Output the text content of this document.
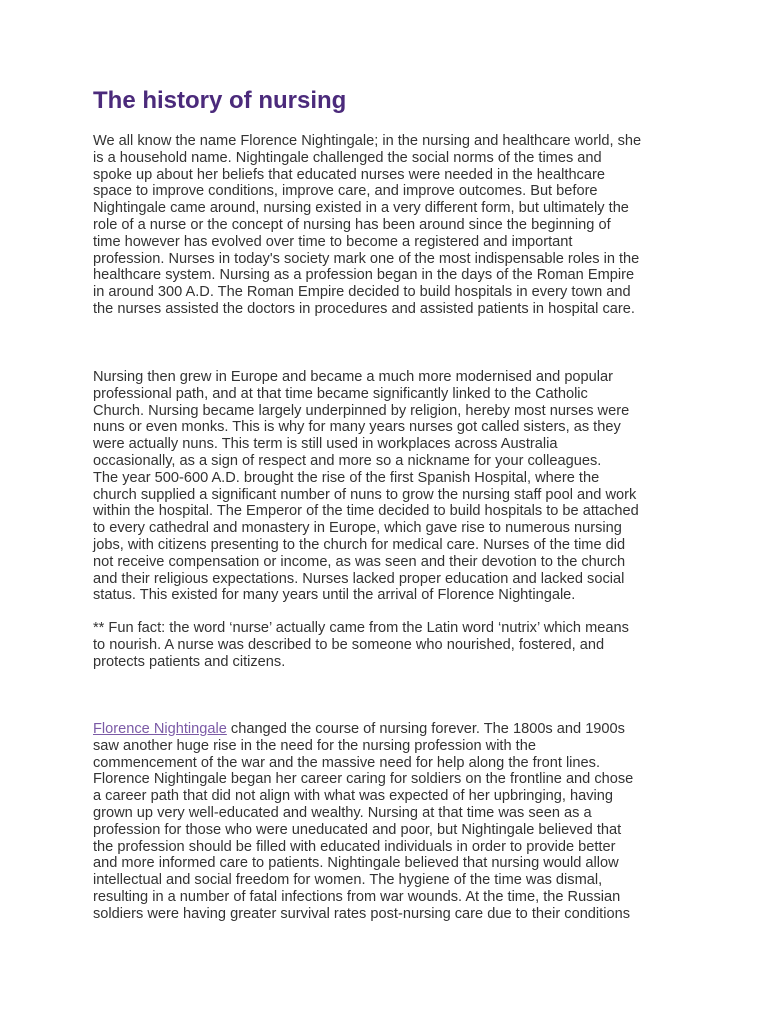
The history of nursing

We all know the name Florence Nightingale; in the nursing and healthcare world, she
is a household name. Nightingale challenged the social norms of the times and
spoke up about her beliefs that educated nurses were needed in the healthcare
space to improve conditions, improve care, and improve outcomes. But before
Nightingale came around, nursing existed in a very different form, but ultimately the
role of a nurse or the concept of nursing has been around since the beginning of
time however has evolved over time to become a registered and important
profession. Nurses in today's society mark one of the most indispensable roles in the
healthcare system. Nursing as a profession began in the days of the Roman Empire
in around 300 A.D. The Roman Empire decided to build hospitals in every town and
the nurses assisted the doctors in procedures and assisted patients in hospital care.

Nursing then grew in Europe and became a much more modernised and popular
professional path, and at that time became significantly linked to the Catholic
Church. Nursing became largely underpinned by religion, hereby most nurses were
nuns or even monks. This is why for many years nurses got called sisters, as they
were actually nuns. This term is still used in workplaces across Australia
occasionally, as a sign of respect and more so a nickname for your colleagues.
The year 500-600 A.D. brought the rise of the first Spanish Hospital, where the
church supplied a significant number of nuns to grow the nursing staff pool and work
within the hospital. The Emperor of the time decided to build hospitals to be attached
to every cathedral and monastery in Europe, which gave rise to numerous nursing
jobs, with citizens presenting to the church for medical care. Nurses of the time did
not receive compensation or income, as was seen and their devotion to the church
and their religious expectations. Nurses lacked proper education and lacked social
status. This existed for many years until the arrival of Florence Nightingale.

** Fun fact: the word ‘nurse’ actually came from the Latin word ‘nutrix’ which means
to nourish. A nurse was described to be someone who nourished, fostered, and
protects patients and citizens.

Florence Nightingale changed the course of nursing forever. The 1800s and 1900s
saw another huge rise in the need for the nursing profession with the
commencement of the war and the massive need for help along the front lines.
Florence Nightingale began her career caring for soldiers on the frontline and chose
a career path that did not align with what was expected of her upbringing, having
grown up very well-educated and wealthy. Nursing at that time was seen as a
profession for those who were uneducated and poor, but Nightingale believed that
the profession should be filled with educated individuals in order to provide better
and more informed care to patients. Nightingale believed that nursing would allow
intellectual and social freedom for women. The hygiene of the time was dismal,
resulting in a number of fatal infections from war wounds. At the time, the Russian
soldiers were having greater survival rates post-nursing care due to their conditions
